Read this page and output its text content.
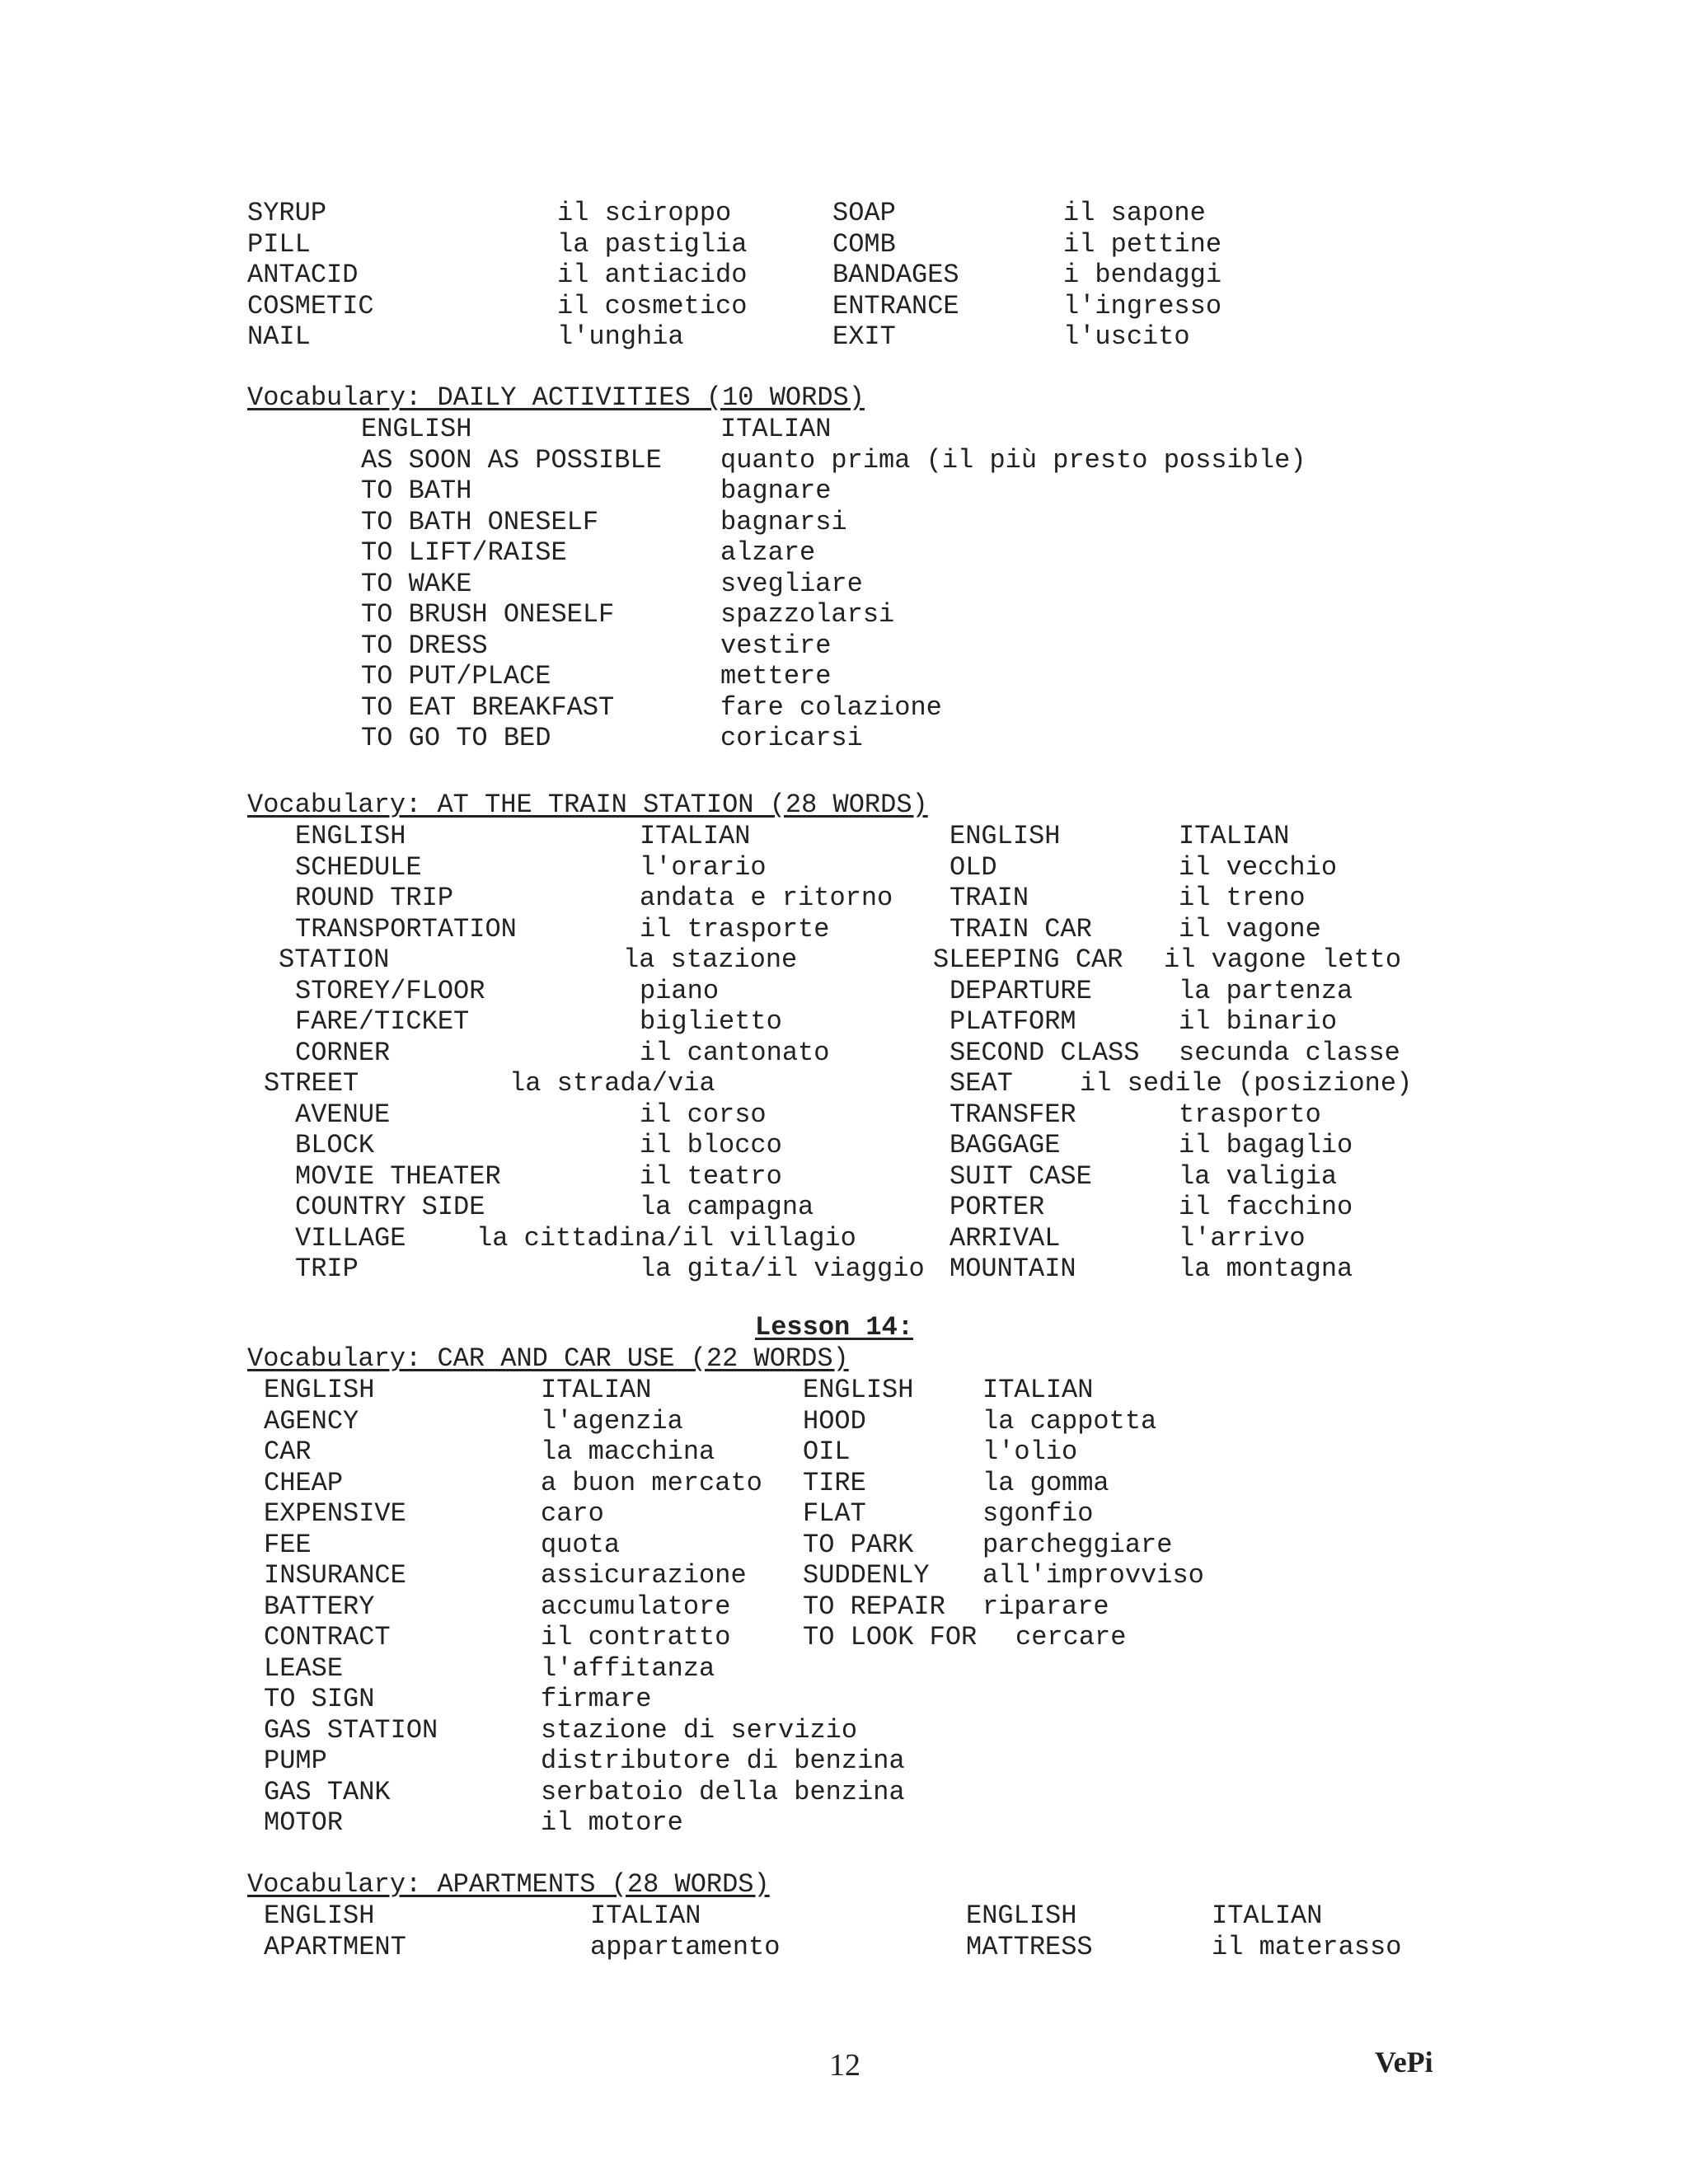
SYRUP	il sciroppo	SOAP	il sapone
PILL	la pastiglia	COMB	il pettine
ANTACID	il antiacido	BANDAGES	i bendaggi
COSMETIC	il cosmetico	ENTRANCE	l'ingresso
NAIL	l'unghia	EXIT	l'uscito
Vocabulary: DAILY ACTIVITIES (10 WORDS)
ENGLISH	ITALIAN
AS SOON AS POSSIBLE quanto prima (il più presto possible)
TO BATH	bagnare
TO BATH ONESELF	bagnarsi
TO LIFT/RAISE	alzare
TO WAKE	svegliare
TO BRUSH ONESELF	spazzolarsi
TO DRESS	vestire
TO PUT/PLACE	mettere
TO EAT BREAKFAST	fare colazione
TO GO TO BED	coricarsi
Vocabulary: AT THE TRAIN STATION (28 WORDS)
ENGLISH	ITALIAN	ENGLISH	ITALIAN
SCHEDULE	l'orario	OLD	il vecchio
ROUND TRIP	andata e ritorno TRAIN	il treno
TRANSPORTATION	il trasporte	TRAIN CAR	il vagone
STATION	la stazione	SLEEPING CAR il vagone letto
STOREY/FLOOR	piano	DEPARTURE	la partenza
FARE/TICKET	biglietto	PLATFORM	il binario
CORNER	il cantonato	SECOND CLASS secunda classe
STREET	la strada/via	SEAT	il sedile (posizione)
AVENUE	il corso	TRANSFER	trasporto
BLOCK	il blocco	BAGGAGE	il bagaglio
MOVIE THEATER	il teatro	SUIT CASE	la valigia
COUNTRY SIDE	la campagna	PORTER	il facchino
VILLAGE	la cittadina/il villagio	ARRIVAL	l'arrivo
TRIP	la gita/il viaggio MOUNTAIN	la montagna
Lesson 14:
Vocabulary: CAR AND CAR USE (22 WORDS)
ENGLISH	ITALIAN	ENGLISH	ITALIAN
AGENCY	l'agenzia	HOOD	la cappotta
CAR	la macchina	OIL	l'olio
CHEAP	a buon mercato TIRE	la gomma
EXPENSIVE	caro	FLAT	sgonfio
FEE	quota	TO PARK	parcheggiare
INSURANCE	assicurazione SUDDENLY all'improvviso
BATTERY	accumulatore	TO REPAIR riparare
CONTRACT	il contratto	TO LOOK FOR cercare
LEASE	l'affitanza
TO SIGN	firmare
GAS STATION	stazione di servizio
PUMP	distributore di benzina
GAS TANK	serbatoio della benzina
MOTOR	il motore
Vocabulary: APARTMENTS (28 WORDS)
ENGLISH	ITALIAN	ENGLISH	ITALIAN
APARTMENT	appartamento	MATTRESS	il materasso
12	VePi
